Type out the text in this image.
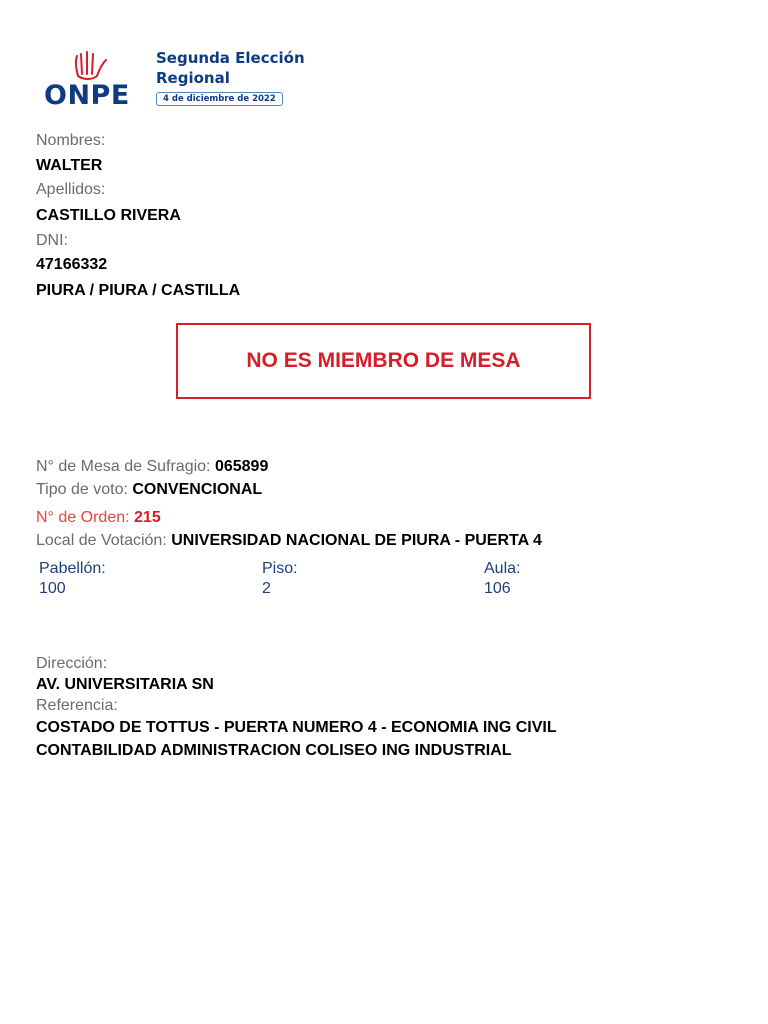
ONPE
Segunda Elección
Regional
4 de diciembre de 2022
Nombres:
WALTER
Apellidos:
CASTILLO RIVERA
DNI:
47166332
PIURA / PIURA / CASTILLA
NO ES MIEMBRO DE MESA
N° de Mesa de Sufragio: 065899
Tipo de voto: CONVENCIONAL
N° de Orden: 215
Local de Votación: UNIVERSIDAD NACIONAL DE PIURA - PUERTA 4
Pabellón:
100
Piso:
2
Aula:
106
Dirección:
AV. UNIVERSITARIA SN
Referencia:
COSTADO DE TOTTUS - PUERTA NUMERO 4 - ECONOMIA ING CIVIL
CONTABILIDAD ADMINISTRACION COLISEO ING INDUSTRIAL
